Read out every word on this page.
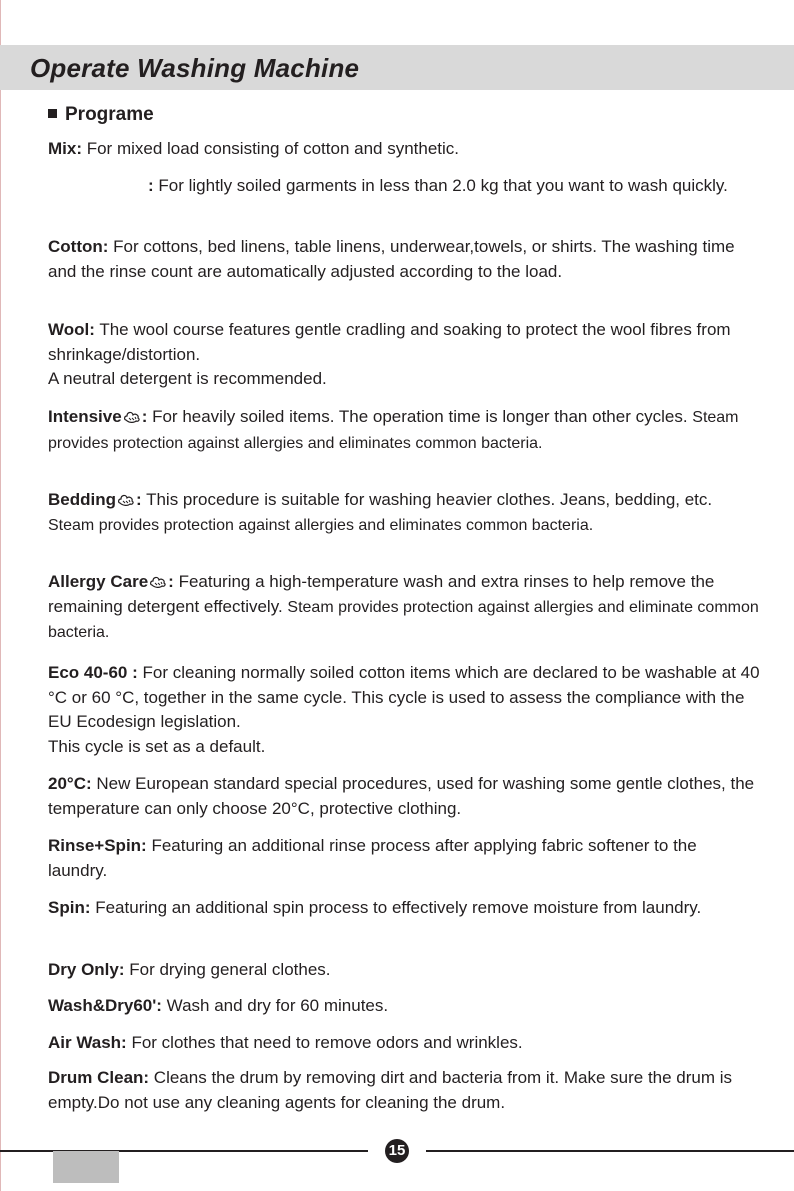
Operate Washing Machine
Programe
Mix: For mixed load consisting of cotton and synthetic.
: For lightly soiled garments in less than 2.0 kg that you want to wash quickly.
Cotton: For cottons, bed linens, table linens, underwear,towels, or shirts. The washing time and the rinse count are automatically adjusted according to the load.
Wool: The wool course features gentle cradling and soaking to protect the wool fibres from shrinkage/distortion.
A neutral detergent is recommended.
Intensive : For heavily soiled items. The operation time is longer than other cycles. Steam provides protection against allergies and eliminates common bacteria.
Bedding : This procedure is suitable for washing heavier clothes. Jeans, bedding, etc. Steam provides protection against allergies and eliminates common bacteria.
Allergy Care : Featuring a high-temperature wash and extra rinses to help remove the remaining detergent effectively. Steam provides protection against allergies and eliminate common bacteria.
Eco 40-60 : For cleaning normally soiled cotton items which are declared to be washable at 40 °C or 60 °C, together in the same cycle. This cycle is used to assess the compliance with the EU Ecodesign legislation.
This cycle is set as a default.
20°C: New European standard special procedures, used for washing some gentle clothes, the temperature can only choose 20°C, protective clothing.
Rinse+Spin: Featuring an additional rinse process after applying fabric softener to the laundry.
Spin: Featuring an additional spin process to effectively remove moisture from laundry.
Dry Only: For drying general clothes.
Wash&Dry60': Wash and dry for 60 minutes.
Air Wash: For clothes that need to remove odors and wrinkles.
Drum Clean: Cleans the drum by removing dirt and bacteria from it. Make sure the drum is empty.Do not use any cleaning agents for cleaning the drum.
15
